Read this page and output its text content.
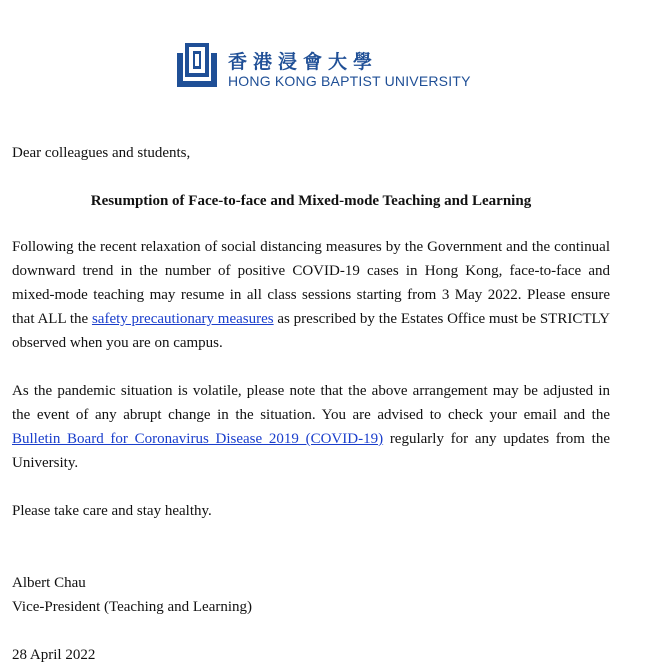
香港浸會大學
HONG KONG BAPTIST UNIVERSITY

Dear colleagues and students,

Resumption of Face-to-face and Mixed-mode Teaching and Learning

Following the recent relaxation of social distancing measures by the Government and the continual downward trend in the number of positive COVID-19 cases in Hong Kong, face-to-face and mixed-mode teaching may resume in all class sessions starting from 3 May 2022. Please ensure that ALL the safety precautionary measures as prescribed by the Estates Office must be STRICTLY observed when you are on campus.

As the pandemic situation is volatile, please note that the above arrangement may be adjusted in the event of any abrupt change in the situation. You are advised to check your email and the Bulletin Board for Coronavirus Disease 2019 (COVID-19) regularly for any updates from the University.

Please take care and stay healthy.

Albert Chau

Vice-President (Teaching and Learning)

28 April 2022
